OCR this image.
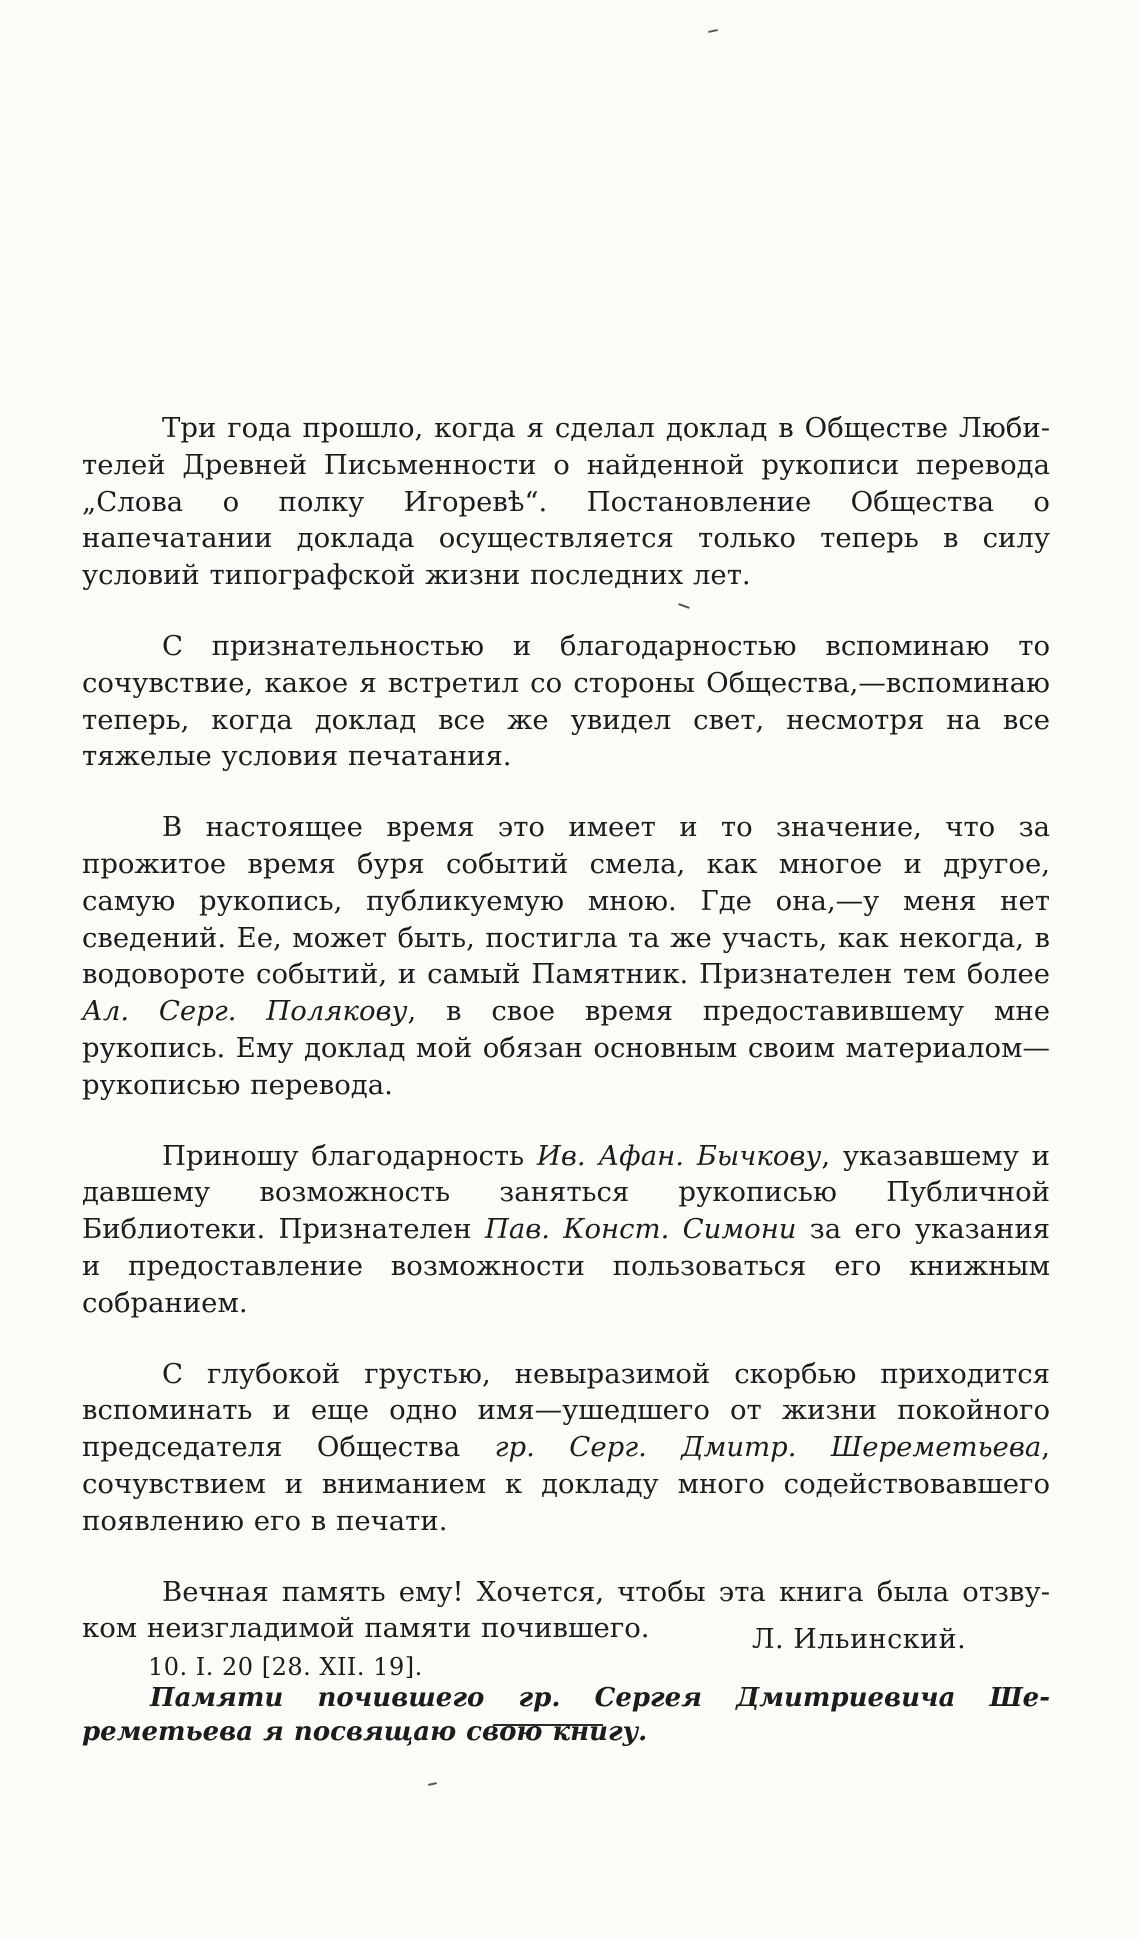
Три года прошло, когда я сделал доклад в Обществе Любителей Древней Письменности о найденной рукописи перевода „Слова о полку Игоревѣ“. Постановление Общества о напечатании доклада осуществляется только теперь в силу условий типографской жизни последних лет.

С признательностью и благодарностью вспоминаю то сочувствие, какое я встретил со стороны Общества,—вспоминаю теперь, когда доклад все же увидел свет, несмотря на все тяжелые условия печатания.

В настоящее время это имеет и то значение, что за прожитое время буря событий смела, как многое и другое, самую рукопись, публикуемую мною. Где она,—у меня нет сведений. Ее, может быть, постигла та же участь, как некогда, в водовороте событий, и самый Памятник. Признателен тем более Ал. Серг. Полякову, в свое время предоставившему мне рукопись. Ему доклад мой обязан основным своим материалом—рукописью перевода.

Приношу благодарность Ив. Афан. Бычкову, указавшему и давшему возможность заняться рукописью Публичной Библиотеки. Признателен Пав. Конст. Симони за его указания и предоставление возможности пользоваться его книжным собранием.

С глубокой грустью, невыразимой скорбью приходится вспоминать и еще одно имя—ушедшего от жизни покойного председателя Общества гр. Серг. Дмитр. Шереметьева, сочувствием и вниманием к докладу много содействовавшего появлению его в печати.

Вечная память ему! Хочется, чтобы эта книга была отзвуком неизгладимой памяти почившего.

Памяти почившего гр. Сергея Дмитриевича Шереметьева я посвящаю свою книгу.

Л. Ильинский.
10. I. 20 [28. XII. 19].
